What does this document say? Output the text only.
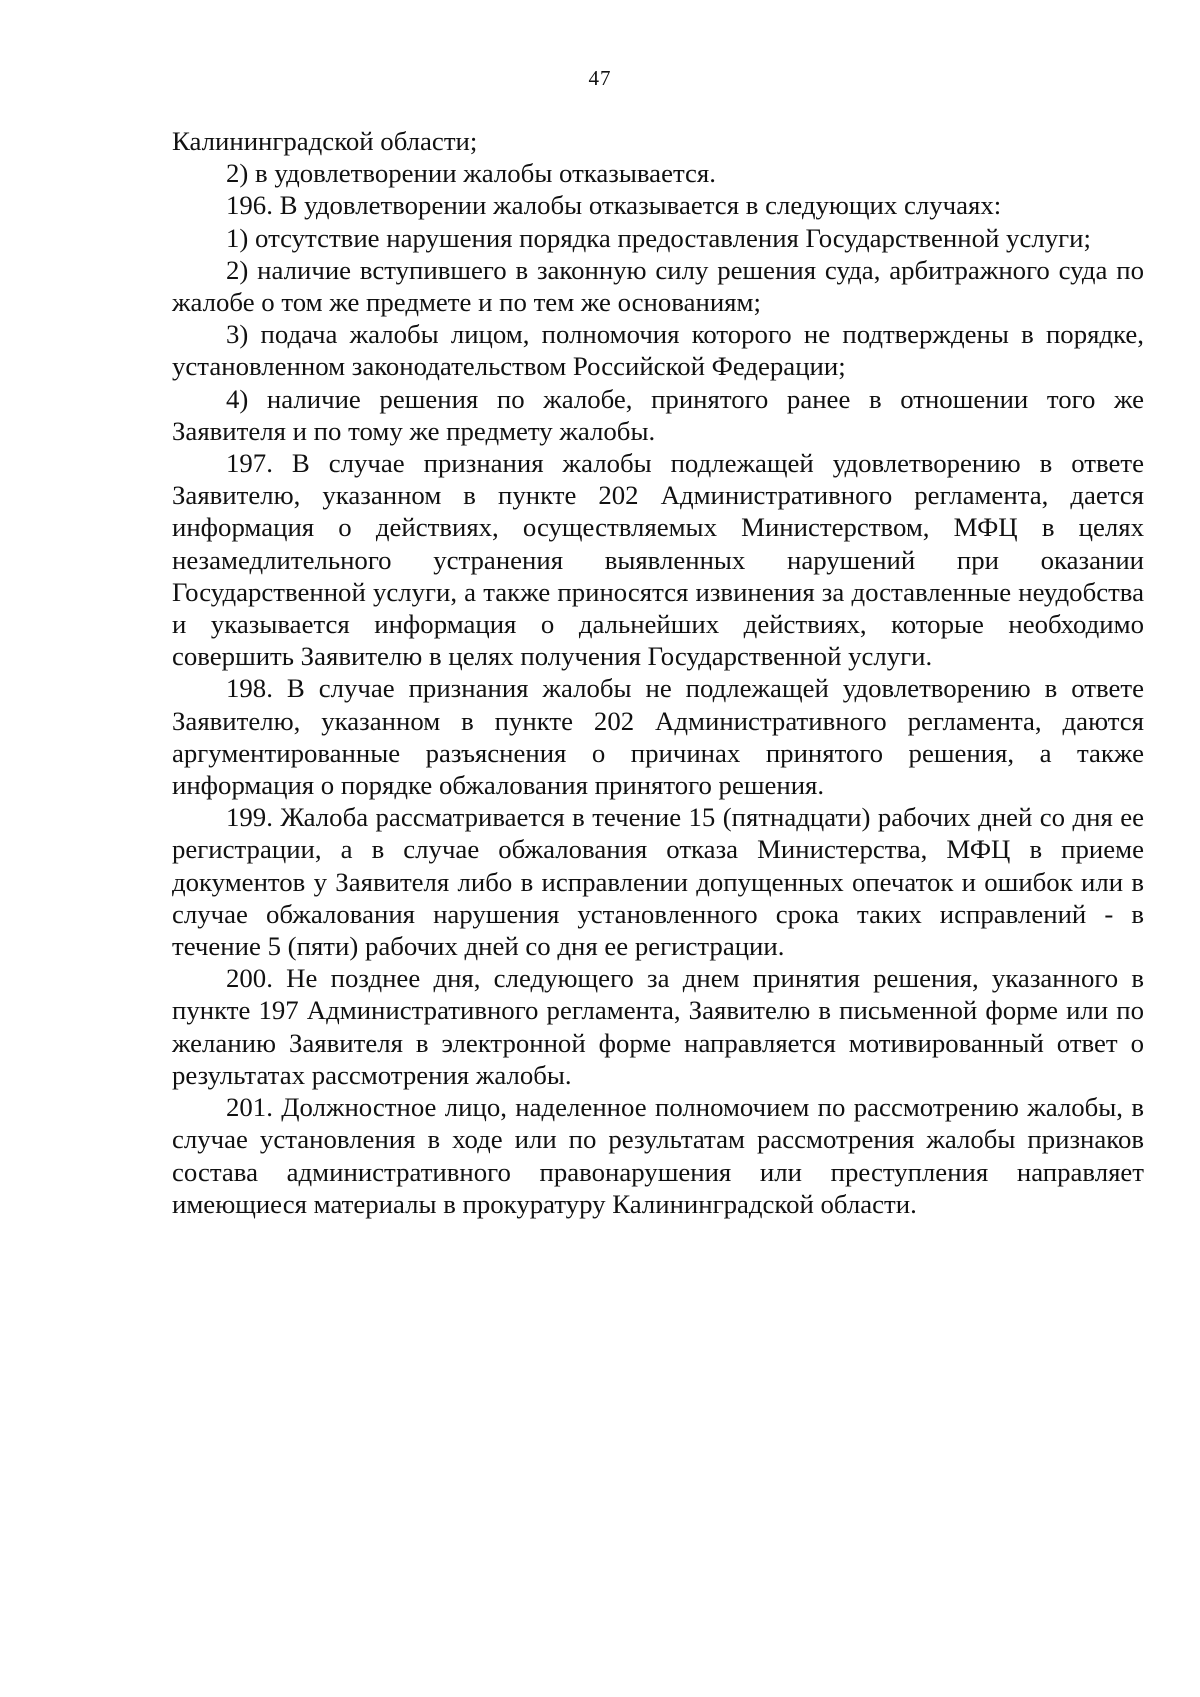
47

Калининградской области;

2) в удовлетворении жалобы отказывается.

196. В удовлетворении жалобы отказывается в следующих случаях:

1) отсутствие нарушения порядка предоставления Государственной услуги;

2) наличие вступившего в законную силу решения суда, арбитражного суда по жалобе о том же предмете и по тем же основаниям;

3) подача жалобы лицом, полномочия которого не подтверждены в порядке, установленном законодательством Российской Федерации;

4) наличие решения по жалобе, принятого ранее в отношении того же Заявителя и по тому же предмету жалобы.

197. В случае признания жалобы подлежащей удовлетворению в ответе Заявителю, указанном в пункте 202 Административного регламента, дается информация о действиях, осуществляемых Министерством, МФЦ в целях незамедлительного устранения выявленных нарушений при оказании Государственной услуги, а также приносятся извинения за доставленные неудобства и указывается информация о дальнейших действиях, которые необходимо совершить Заявителю в целях получения Государственной услуги.

198. В случае признания жалобы не подлежащей удовлетворению в ответе Заявителю, указанном в пункте 202 Административного регламента, даются аргументированные разъяснения о причинах принятого решения, а также информация о порядке обжалования принятого решения.

199. Жалоба рассматривается в течение 15 (пятнадцати) рабочих дней со дня ее регистрации, а в случае обжалования отказа Министерства, МФЦ в приеме документов у Заявителя либо в исправлении допущенных опечаток и ошибок или в случае обжалования нарушения установленного срока таких исправлений - в течение 5 (пяти) рабочих дней со дня ее регистрации.

200. Не позднее дня, следующего за днем принятия решения, указанного в пункте 197 Административного регламента, Заявителю в письменной форме или по желанию Заявителя в электронной форме направляется мотивированный ответ о результатах рассмотрения жалобы.

201. Должностное лицо, наделенное полномочием по рассмотрению жалобы, в случае установления в ходе или по результатам рассмотрения жалобы признаков состава административного правонарушения или преступления направляет имеющиеся материалы в прокуратуру Калининградской области.
